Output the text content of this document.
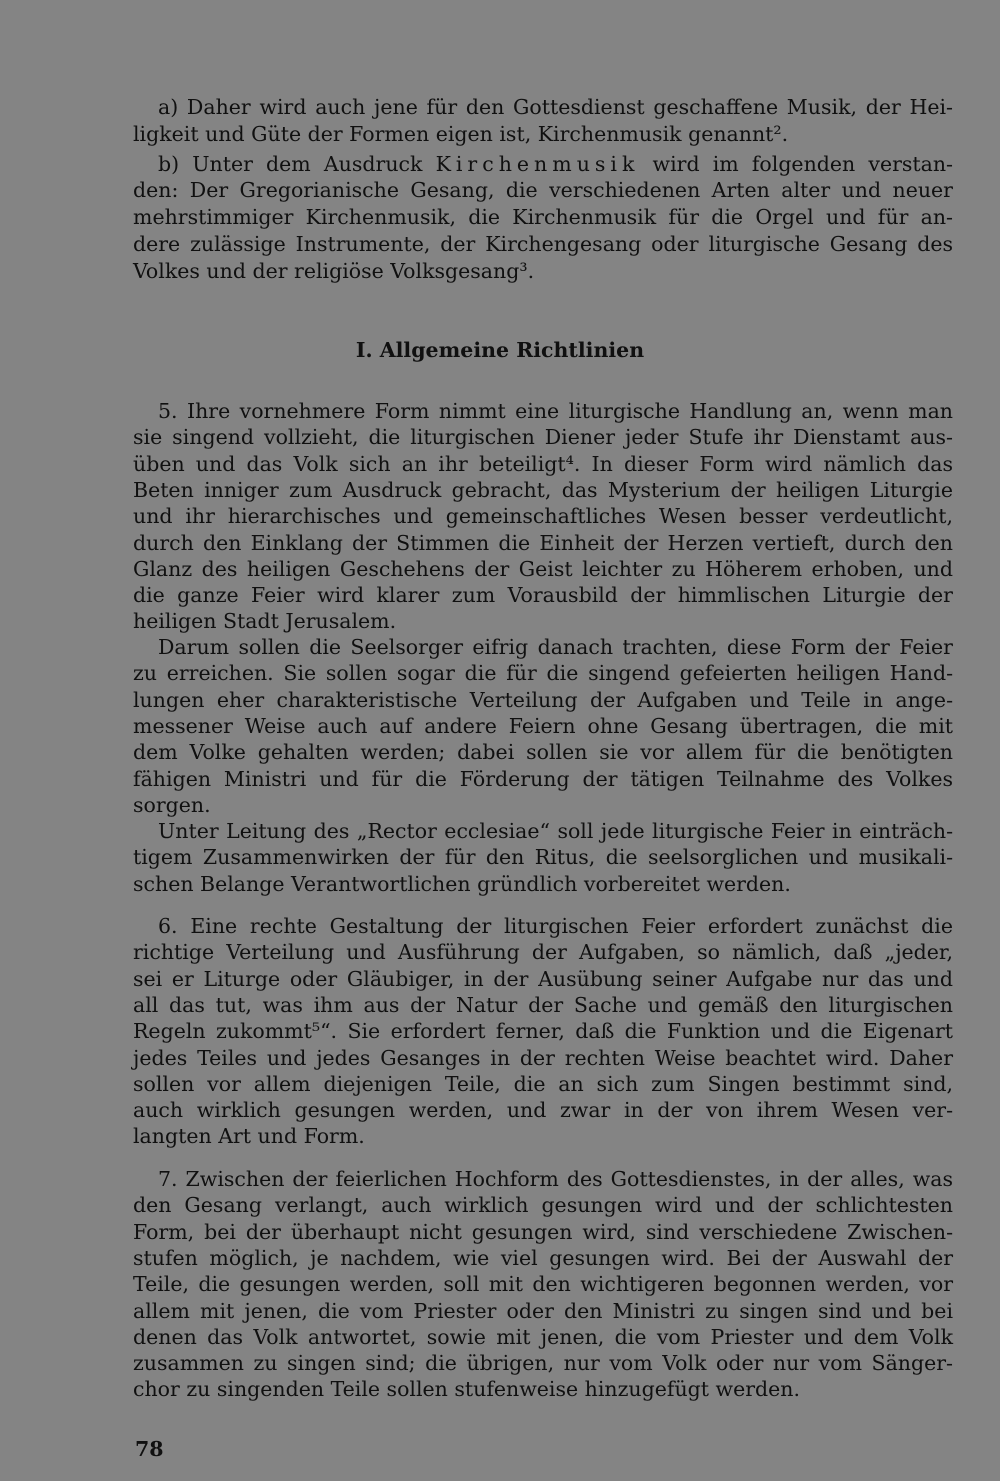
a) Daher wird auch jene für den Gottesdienst geschaffene Musik, der Hei-
ligkeit und Güte der Formen eigen ist, Kirchenmusik genannt².
b) Unter dem Ausdruck Kirchenmusik wird im folgenden verstan-
den: Der Gregorianische Gesang, die verschiedenen Arten alter und neuer
mehrstimmiger Kirchenmusik, die Kirchenmusik für die Orgel und für an-
dere zulässige Instrumente, der Kirchengesang oder liturgische Gesang des
Volkes und der religiöse Volksgesang³.
5. Ihre vornehmere Form nimmt eine liturgische Handlung an, wenn man
sie singend vollzieht, die liturgischen Diener jeder Stufe ihr Dienstamt aus-
üben und das Volk sich an ihr beteiligt⁴. In dieser Form wird nämlich das
Beten inniger zum Ausdruck gebracht, das Mysterium der heiligen Liturgie
und ihr hierarchisches und gemeinschaftliches Wesen besser verdeutlicht,
durch den Einklang der Stimmen die Einheit der Herzen vertieft, durch den
Glanz des heiligen Geschehens der Geist leichter zu Höherem erhoben, und
die ganze Feier wird klarer zum Vorausbild der himmlischen Liturgie der
heiligen Stadt Jerusalem.
Darum sollen die Seelsorger eifrig danach trachten, diese Form der Feier
zu erreichen. Sie sollen sogar die für die singend gefeierten heiligen Hand-
lungen eher charakteristische Verteilung der Aufgaben und Teile in ange-
messener Weise auch auf andere Feiern ohne Gesang übertragen, die mit
dem Volke gehalten werden; dabei sollen sie vor allem für die benötigten
fähigen Ministri und für die Förderung der tätigen Teilnahme des Volkes
sorgen.
Unter Leitung des „Rector ecclesiae“ soll jede liturgische Feier in einträch-
tigem Zusammenwirken der für den Ritus, die seelsorglichen und musikali-
schen Belange Verantwortlichen gründlich vorbereitet werden.
6. Eine rechte Gestaltung der liturgischen Feier erfordert zunächst die
richtige Verteilung und Ausführung der Aufgaben, so nämlich, daß „jeder,
sei er Liturge oder Gläubiger, in der Ausübung seiner Aufgabe nur das und
all das tut, was ihm aus der Natur der Sache und gemäß den liturgischen
Regeln zukommt⁵“. Sie erfordert ferner, daß die Funktion und die Eigenart
jedes Teiles und jedes Gesanges in der rechten Weise beachtet wird. Daher
sollen vor allem diejenigen Teile, die an sich zum Singen bestimmt sind,
auch wirklich gesungen werden, und zwar in der von ihrem Wesen ver-
langten Art und Form.
7. Zwischen der feierlichen Hochform des Gottesdienstes, in der alles, was
den Gesang verlangt, auch wirklich gesungen wird und der schlichtesten
Form, bei der überhaupt nicht gesungen wird, sind verschiedene Zwischen-
stufen möglich, je nachdem, wie viel gesungen wird. Bei der Auswahl der
Teile, die gesungen werden, soll mit den wichtigeren begonnen werden, vor
allem mit jenen, die vom Priester oder den Ministri zu singen sind und bei
denen das Volk antwortet, sowie mit jenen, die vom Priester und dem Volk
zusammen zu singen sind; die übrigen, nur vom Volk oder nur vom Sänger-
chor zu singenden Teile sollen stufenweise hinzugefügt werden.
I. Allgemeine Richtlinien
78
